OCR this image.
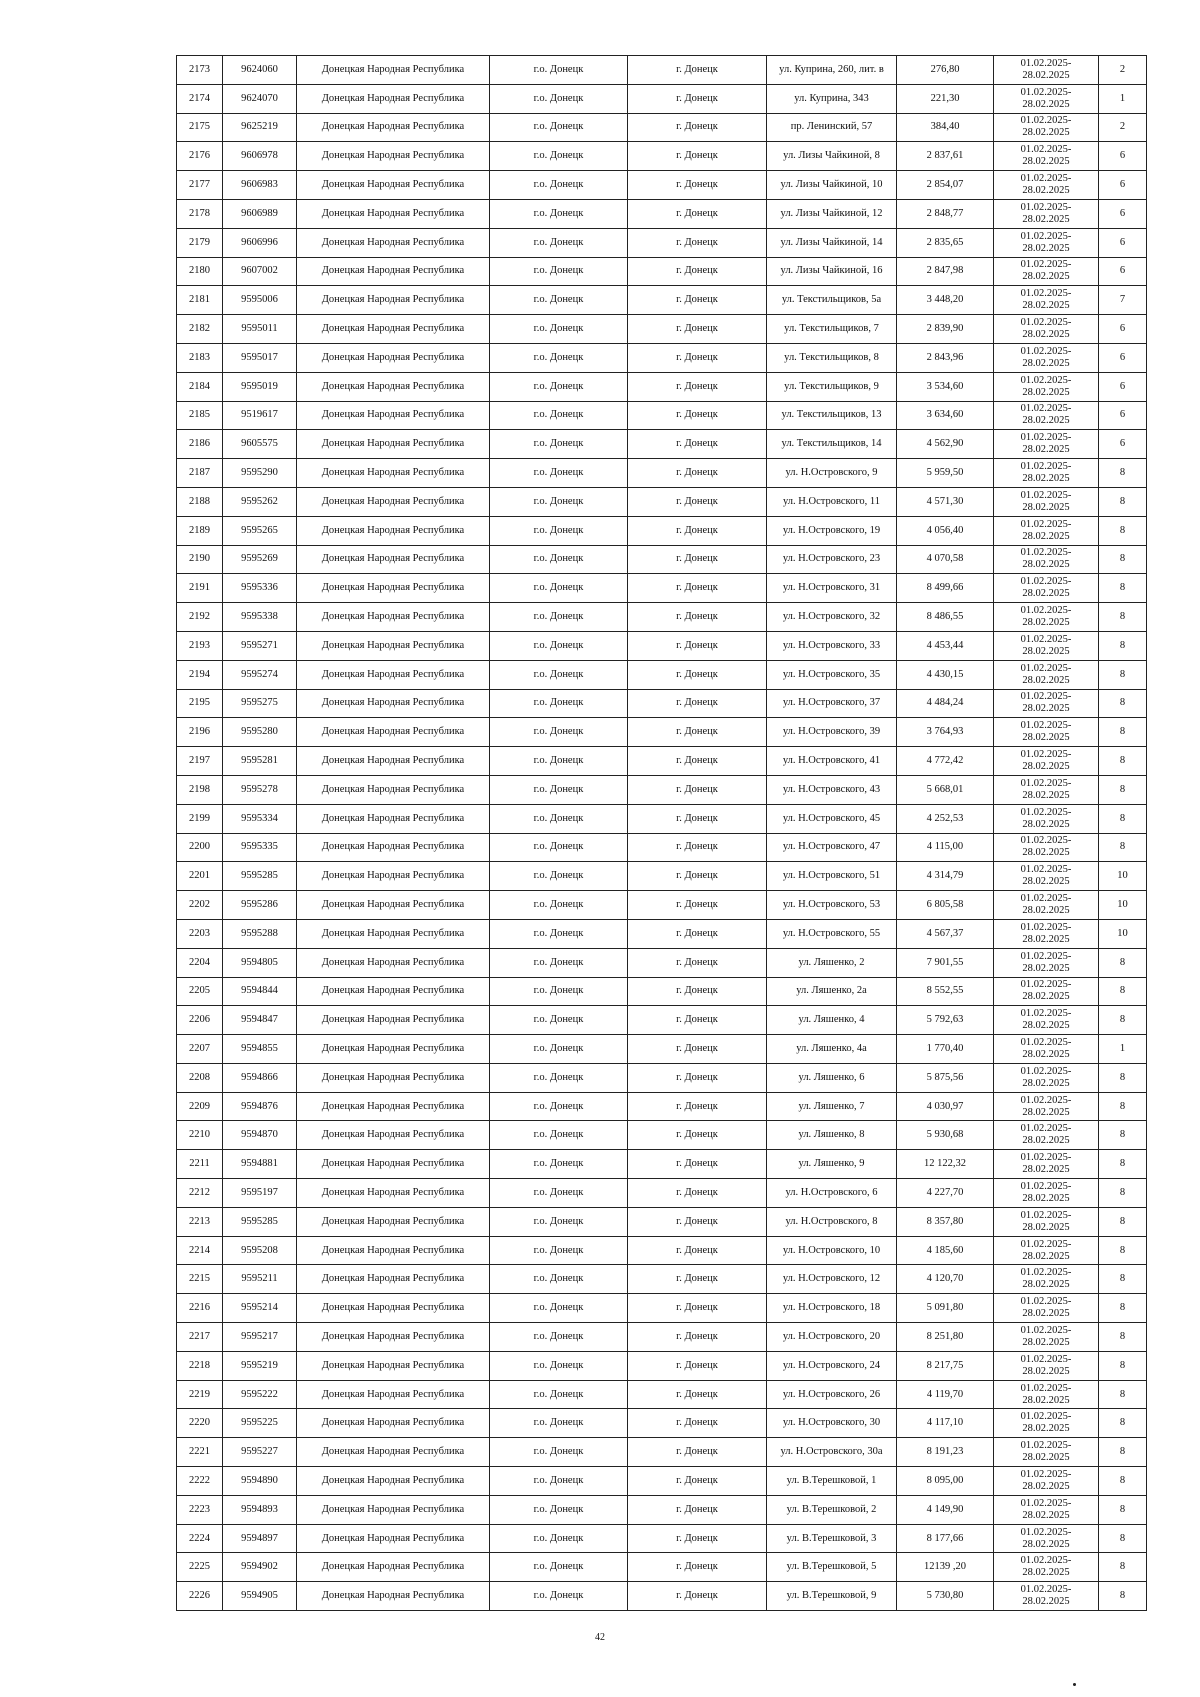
2173	9624060	Донецкая Народная Республика	г.о. Донецк	г. Донецк	ул. Куприна, 260, лит. в	276,80	01.02.2025-
28.02.2025	2
2174	9624070	Донецкая Народная Республика	г.о. Донецк	г. Донецк	ул. Куприна, 343	221,30	01.02.2025-
28.02.2025	1
2175	9625219	Донецкая Народная Республика	г.о. Донецк	г. Донецк	пр. Ленинский, 57	384,40	01.02.2025-
28.02.2025	2
2176	9606978	Донецкая Народная Республика	г.о. Донецк	г. Донецк	ул. Лизы Чайкиной, 8	2 837,61	01.02.2025-
28.02.2025	6
2177	9606983	Донецкая Народная Республика	г.о. Донецк	г. Донецк	ул. Лизы Чайкиной, 10	2 854,07	01.02.2025-
28.02.2025	6
2178	9606989	Донецкая Народная Республика	г.о. Донецк	г. Донецк	ул. Лизы Чайкиной, 12	2 848,77	01.02.2025-
28.02.2025	6
2179	9606996	Донецкая Народная Республика	г.о. Донецк	г. Донецк	ул. Лизы Чайкиной, 14	2 835,65	01.02.2025-
28.02.2025	6
2180	9607002	Донецкая Народная Республика	г.о. Донецк	г. Донецк	ул. Лизы Чайкиной, 16	2 847,98	01.02.2025-
28.02.2025	6
2181	9595006	Донецкая Народная Республика	г.о. Донецк	г. Донецк	ул. Текстильщиков, 5а	3 448,20	01.02.2025-
28.02.2025	7
2182	9595011	Донецкая Народная Республика	г.о. Донецк	г. Донецк	ул. Текстильщиков, 7	2 839,90	01.02.2025-
28.02.2025	6
2183	9595017	Донецкая Народная Республика	г.о. Донецк	г. Донецк	ул. Текстильщиков, 8	2 843,96	01.02.2025-
28.02.2025	6
2184	9595019	Донецкая Народная Республика	г.о. Донецк	г. Донецк	ул. Текстильщиков, 9	3 534,60	01.02.2025-
28.02.2025	6
2185	9519617	Донецкая Народная Республика	г.о. Донецк	г. Донецк	ул. Текстильщиков, 13	3 634,60	01.02.2025-
28.02.2025	6
2186	9605575	Донецкая Народная Республика	г.о. Донецк	г. Донецк	ул. Текстильщиков, 14	4 562,90	01.02.2025-
28.02.2025	6
2187	9595290	Донецкая Народная Республика	г.о. Донецк	г. Донецк	ул. Н.Островского, 9	5 959,50	01.02.2025-
28.02.2025	8
2188	9595262	Донецкая Народная Республика	г.о. Донецк	г. Донецк	ул. Н.Островского, 11	4 571,30	01.02.2025-
28.02.2025	8
2189	9595265	Донецкая Народная Республика	г.о. Донецк	г. Донецк	ул. Н.Островского, 19	4 056,40	01.02.2025-
28.02.2025	8
2190	9595269	Донецкая Народная Республика	г.о. Донецк	г. Донецк	ул. Н.Островского, 23	4 070,58	01.02.2025-
28.02.2025	8
2191	9595336	Донецкая Народная Республика	г.о. Донецк	г. Донецк	ул. Н.Островского, 31	8 499,66	01.02.2025-
28.02.2025	8
2192	9595338	Донецкая Народная Республика	г.о. Донецк	г. Донецк	ул. Н.Островского, 32	8 486,55	01.02.2025-
28.02.2025	8
2193	9595271	Донецкая Народная Республика	г.о. Донецк	г. Донецк	ул. Н.Островского, 33	4 453,44	01.02.2025-
28.02.2025	8
2194	9595274	Донецкая Народная Республика	г.о. Донецк	г. Донецк	ул. Н.Островского, 35	4 430,15	01.02.2025-
28.02.2025	8
2195	9595275	Донецкая Народная Республика	г.о. Донецк	г. Донецк	ул. Н.Островского, 37	4 484,24	01.02.2025-
28.02.2025	8
2196	9595280	Донецкая Народная Республика	г.о. Донецк	г. Донецк	ул. Н.Островского, 39	3 764,93	01.02.2025-
28.02.2025	8
2197	9595281	Донецкая Народная Республика	г.о. Донецк	г. Донецк	ул. Н.Островского, 41	4 772,42	01.02.2025-
28.02.2025	8
2198	9595278	Донецкая Народная Республика	г.о. Донецк	г. Донецк	ул. Н.Островского, 43	5 668,01	01.02.2025-
28.02.2025	8
2199	9595334	Донецкая Народная Республика	г.о. Донецк	г. Донецк	ул. Н.Островского, 45	4 252,53	01.02.2025-
28.02.2025	8
2200	9595335	Донецкая Народная Республика	г.о. Донецк	г. Донецк	ул. Н.Островского, 47	4 115,00	01.02.2025-
28.02.2025	8
2201	9595285	Донецкая Народная Республика	г.о. Донецк	г. Донецк	ул. Н.Островского, 51	4 314,79	01.02.2025-
28.02.2025	10
2202	9595286	Донецкая Народная Республика	г.о. Донецк	г. Донецк	ул. Н.Островского, 53	6 805,58	01.02.2025-
28.02.2025	10
2203	9595288	Донецкая Народная Республика	г.о. Донецк	г. Донецк	ул. Н.Островского, 55	4 567,37	01.02.2025-
28.02.2025	10
2204	9594805	Донецкая Народная Республика	г.о. Донецк	г. Донецк	ул. Ляшенко, 2	7 901,55	01.02.2025-
28.02.2025	8
2205	9594844	Донецкая Народная Республика	г.о. Донецк	г. Донецк	ул. Ляшенко, 2а	8 552,55	01.02.2025-
28.02.2025	8
2206	9594847	Донецкая Народная Республика	г.о. Донецк	г. Донецк	ул. Ляшенко, 4	5 792,63	01.02.2025-
28.02.2025	8
2207	9594855	Донецкая Народная Республика	г.о. Донецк	г. Донецк	ул. Ляшенко, 4а	1 770,40	01.02.2025-
28.02.2025	1
2208	9594866	Донецкая Народная Республика	г.о. Донецк	г. Донецк	ул. Ляшенко, 6	5 875,56	01.02.2025-
28.02.2025	8
2209	9594876	Донецкая Народная Республика	г.о. Донецк	г. Донецк	ул. Ляшенко, 7	4 030,97	01.02.2025-
28.02.2025	8
2210	9594870	Донецкая Народная Республика	г.о. Донецк	г. Донецк	ул. Ляшенко, 8	5 930,68	01.02.2025-
28.02.2025	8
2211	9594881	Донецкая Народная Республика	г.о. Донецк	г. Донецк	ул. Ляшенко, 9	12 122,32	01.02.2025-
28.02.2025	8
2212	9595197	Донецкая Народная Республика	г.о. Донецк	г. Донецк	ул. Н.Островского, 6	4 227,70	01.02.2025-
28.02.2025	8
2213	9595285	Донецкая Народная Республика	г.о. Донецк	г. Донецк	ул. Н.Островского, 8	8 357,80	01.02.2025-
28.02.2025	8
2214	9595208	Донецкая Народная Республика	г.о. Донецк	г. Донецк	ул. Н.Островского, 10	4 185,60	01.02.2025-
28.02.2025	8
2215	9595211	Донецкая Народная Республика	г.о. Донецк	г. Донецк	ул. Н.Островского, 12	4 120,70	01.02.2025-
28.02.2025	8
2216	9595214	Донецкая Народная Республика	г.о. Донецк	г. Донецк	ул. Н.Островского, 18	5 091,80	01.02.2025-
28.02.2025	8
2217	9595217	Донецкая Народная Республика	г.о. Донецк	г. Донецк	ул. Н.Островского, 20	8 251,80	01.02.2025-
28.02.2025	8
2218	9595219	Донецкая Народная Республика	г.о. Донецк	г. Донецк	ул. Н.Островского, 24	8 217,75	01.02.2025-
28.02.2025	8
2219	9595222	Донецкая Народная Республика	г.о. Донецк	г. Донецк	ул. Н.Островского, 26	4 119,70	01.02.2025-
28.02.2025	8
2220	9595225	Донецкая Народная Республика	г.о. Донецк	г. Донецк	ул. Н.Островского, 30	4 117,10	01.02.2025-
28.02.2025	8
2221	9595227	Донецкая Народная Республика	г.о. Донецк	г. Донецк	ул. Н.Островского, 30а	8 191,23	01.02.2025-
28.02.2025	8
2222	9594890	Донецкая Народная Республика	г.о. Донецк	г. Донецк	ул. В.Терешковой, 1	8 095,00	01.02.2025-
28.02.2025	8
2223	9594893	Донецкая Народная Республика	г.о. Донецк	г. Донецк	ул. В.Терешковой, 2	4 149,90	01.02.2025-
28.02.2025	8
2224	9594897	Донецкая Народная Республика	г.о. Донецк	г. Донецк	ул. В.Терешковой, 3	8 177,66	01.02.2025-
28.02.2025	8
2225	9594902	Донецкая Народная Республика	г.о. Донецк	г. Донецк	ул. В.Терешковой, 5	12139 ,20	01.02.2025-
28.02.2025	8
2226	9594905	Донецкая Народная Республика	г.о. Донецк	г. Донецк	ул. В.Терешковой, 9	5 730,80	01.02.2025-
28.02.2025	8
42
